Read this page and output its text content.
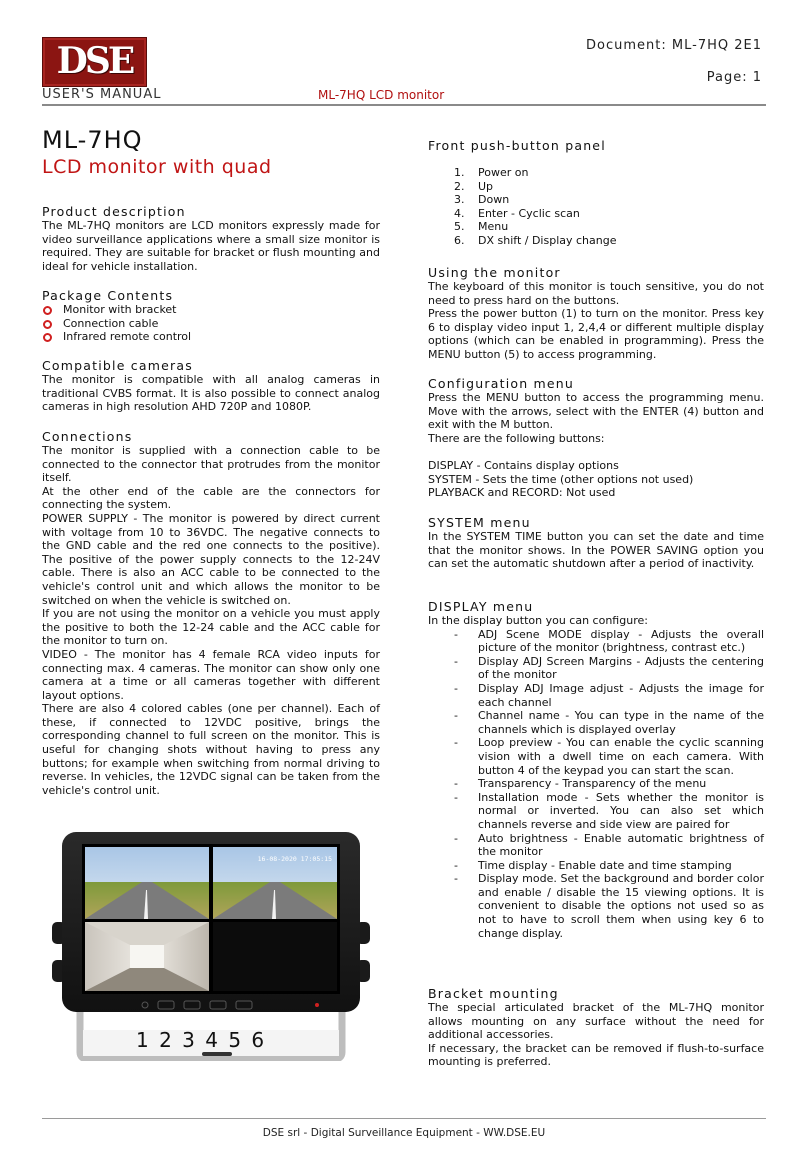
DSE
USER'S MANUAL	ML-7HQ LCD monitor
Document: ML-7HQ 2E1
Page: 1
ML-7HQ
LCD monitor with quad
Product description

The ML-7HQ monitors are LCD monitors expressly made for video surveillance applications where a small size monitor is required. They are suitable for bracket or flush mounting and ideal for vehicle installation.

Package Contents
Monitor with bracket
Connection cable
Infrared remote control
Compatible cameras

The monitor is compatible with all analog cameras in traditional CVBS format. It is also possible to connect analog cameras in high resolution AHD 720P and 1080P.

Connections

The monitor is supplied with a connection cable to be connected to the connector that protrudes from the monitor itself.

At the other end of the cable are the connectors for connecting the system.

POWER SUPPLY - The monitor is powered by direct current with voltage from 10 to 36VDC. The negative connects to the GND cable and the red one connects to the positive). The positive of the power supply connects to the 12-24V cable. There is also an ACC cable to be connected to the vehicle's control unit and which allows the monitor to be switched on when the vehicle is switched on.

If you are not using the monitor on a vehicle you must apply the positive to both the 12-24 cable and the ACC cable for the monitor to turn on.

VIDEO - The monitor has 4 female RCA video inputs for connecting max. 4 cameras. The monitor can show only one camera at a time or all cameras together with different layout options.

There are also 4 colored cables (one per channel). Each of these, if connected to 12VDC positive, brings the corresponding channel to full screen on the monitor. This is useful for changing shots without having to press any buttons; for example when switching from normal driving to reverse. In vehicles, the 12VDC signal can be taken from the vehicle's control unit.

16-08-2020 17:05:15
1 2 3 4 5 6
Front push-button panel
1. Power on
2. Up
3. Down
4. Enter - Cyclic scan
5. Menu
6. DX shift / Display change
Using the monitor

The keyboard of this monitor is touch sensitive, you do not need to press hard on the buttons.

Press the power button (1) to turn on the monitor. Press key 6 to display video input 1, 2,4,4 or different multiple display options (which can be enabled in programming). Press the MENU button (5) to access programming.

Configuration menu

Press the MENU button to access the programming menu. Move with the arrows, select with the ENTER (4) button and exit with the M button.

There are the following buttons:

DISPLAY - Contains display options

SYSTEM - Sets the time (other options not used)

PLAYBACK and RECORD: Not used

SYSTEM menu

In the SYSTEM TIME button you can set the date and time that the monitor shows. In the POWER SAVING option you can set the automatic shutdown after a period of inactivity.

DISPLAY menu

In the display button you can configure:

- ADJ Scene MODE display - Adjusts the overall picture of the monitor (brightness, contrast etc.)
- Display ADJ Screen Margins - Adjusts the centering of the monitor
- Display ADJ Image adjust - Adjusts the image for each channel
- Channel name - You can type in the name of the channels which is displayed overlay
- Loop preview - You can enable the cyclic scanning vision with a dwell time on each camera. With button 4 of the keypad you can start the scan.
- Transparency - Transparency of the menu
- Installation mode - Sets whether the monitor is normal or inverted. You can also set which channels reverse and side view are paired for
- Auto brightness - Enable automatic brightness of the monitor
- Time display - Enable date and time stamping
- Display mode. Set the background and border color and enable / disable the 15 viewing options. It is convenient to disable the options not used so as not to have to scroll them when using key 6 to change display.
Bracket mounting

The special articulated bracket of the ML-7HQ monitor allows mounting on any surface without the need for additional accessories.

If necessary, the bracket can be removed if flush-to-surface mounting is preferred.

DSE srl - Digital Surveillance Equipment - WW.DSE.EU
